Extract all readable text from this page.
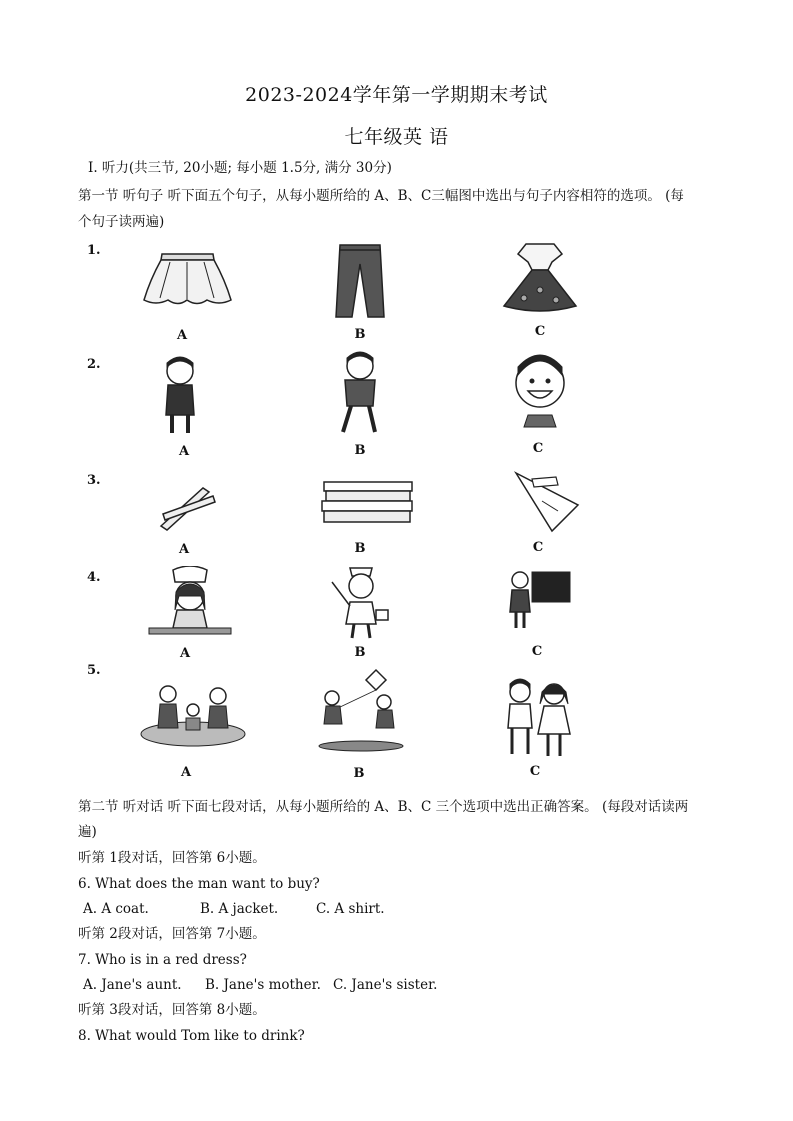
2023-2024学年第一学期期末考试
七年级英 语
Ⅰ. 听力(共三节, 20小题; 每小题 1.5分, 满分 30分)
第一节 听句子 听下面五个句子，从每小题所给的 A、B、C三幅图中选出与句子内容相符的选项。 (每
个句子读两遍)
1.
A	B	C
2.
A	B	C
3.
A	B	C
4.
A	B	C
5.
A	B	C
第二节 听对话 听下面七段对话，从每小题所给的 A、B、C 三个选项中选出正确答案。 (每段对话读两
遍)
听第 1段对话，回答第 6小题。
6. What does the man want to buy?
A. A coat.	B. A jacket.	C. A shirt.
听第 2段对话，回答第 7小题。
7. Who is in a red dress?
A. Jane's aunt. B. Jane's mother. C. Jane's sister.
听第 3段对话，回答第 8小题。
8. What would Tom like to drink?
